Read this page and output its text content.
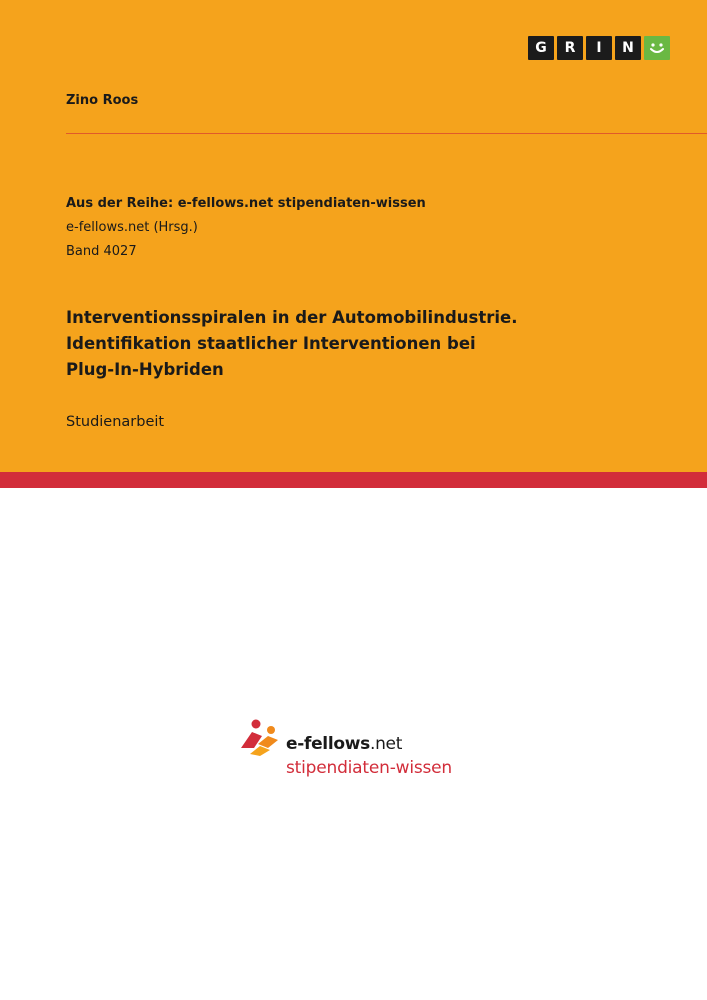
G	R	I	N
Zino Roos
Aus der Reihe: e-fellows.net stipendiaten-wissen
e-fellows.net (Hrsg.)
Band 4027
Interventionsspiralen in der Automobilindustrie.
Identifikation staatlicher Interventionen bei
Plug-In-Hybriden
Studienarbeit
e-fellows.net
stipendiaten-wissen
